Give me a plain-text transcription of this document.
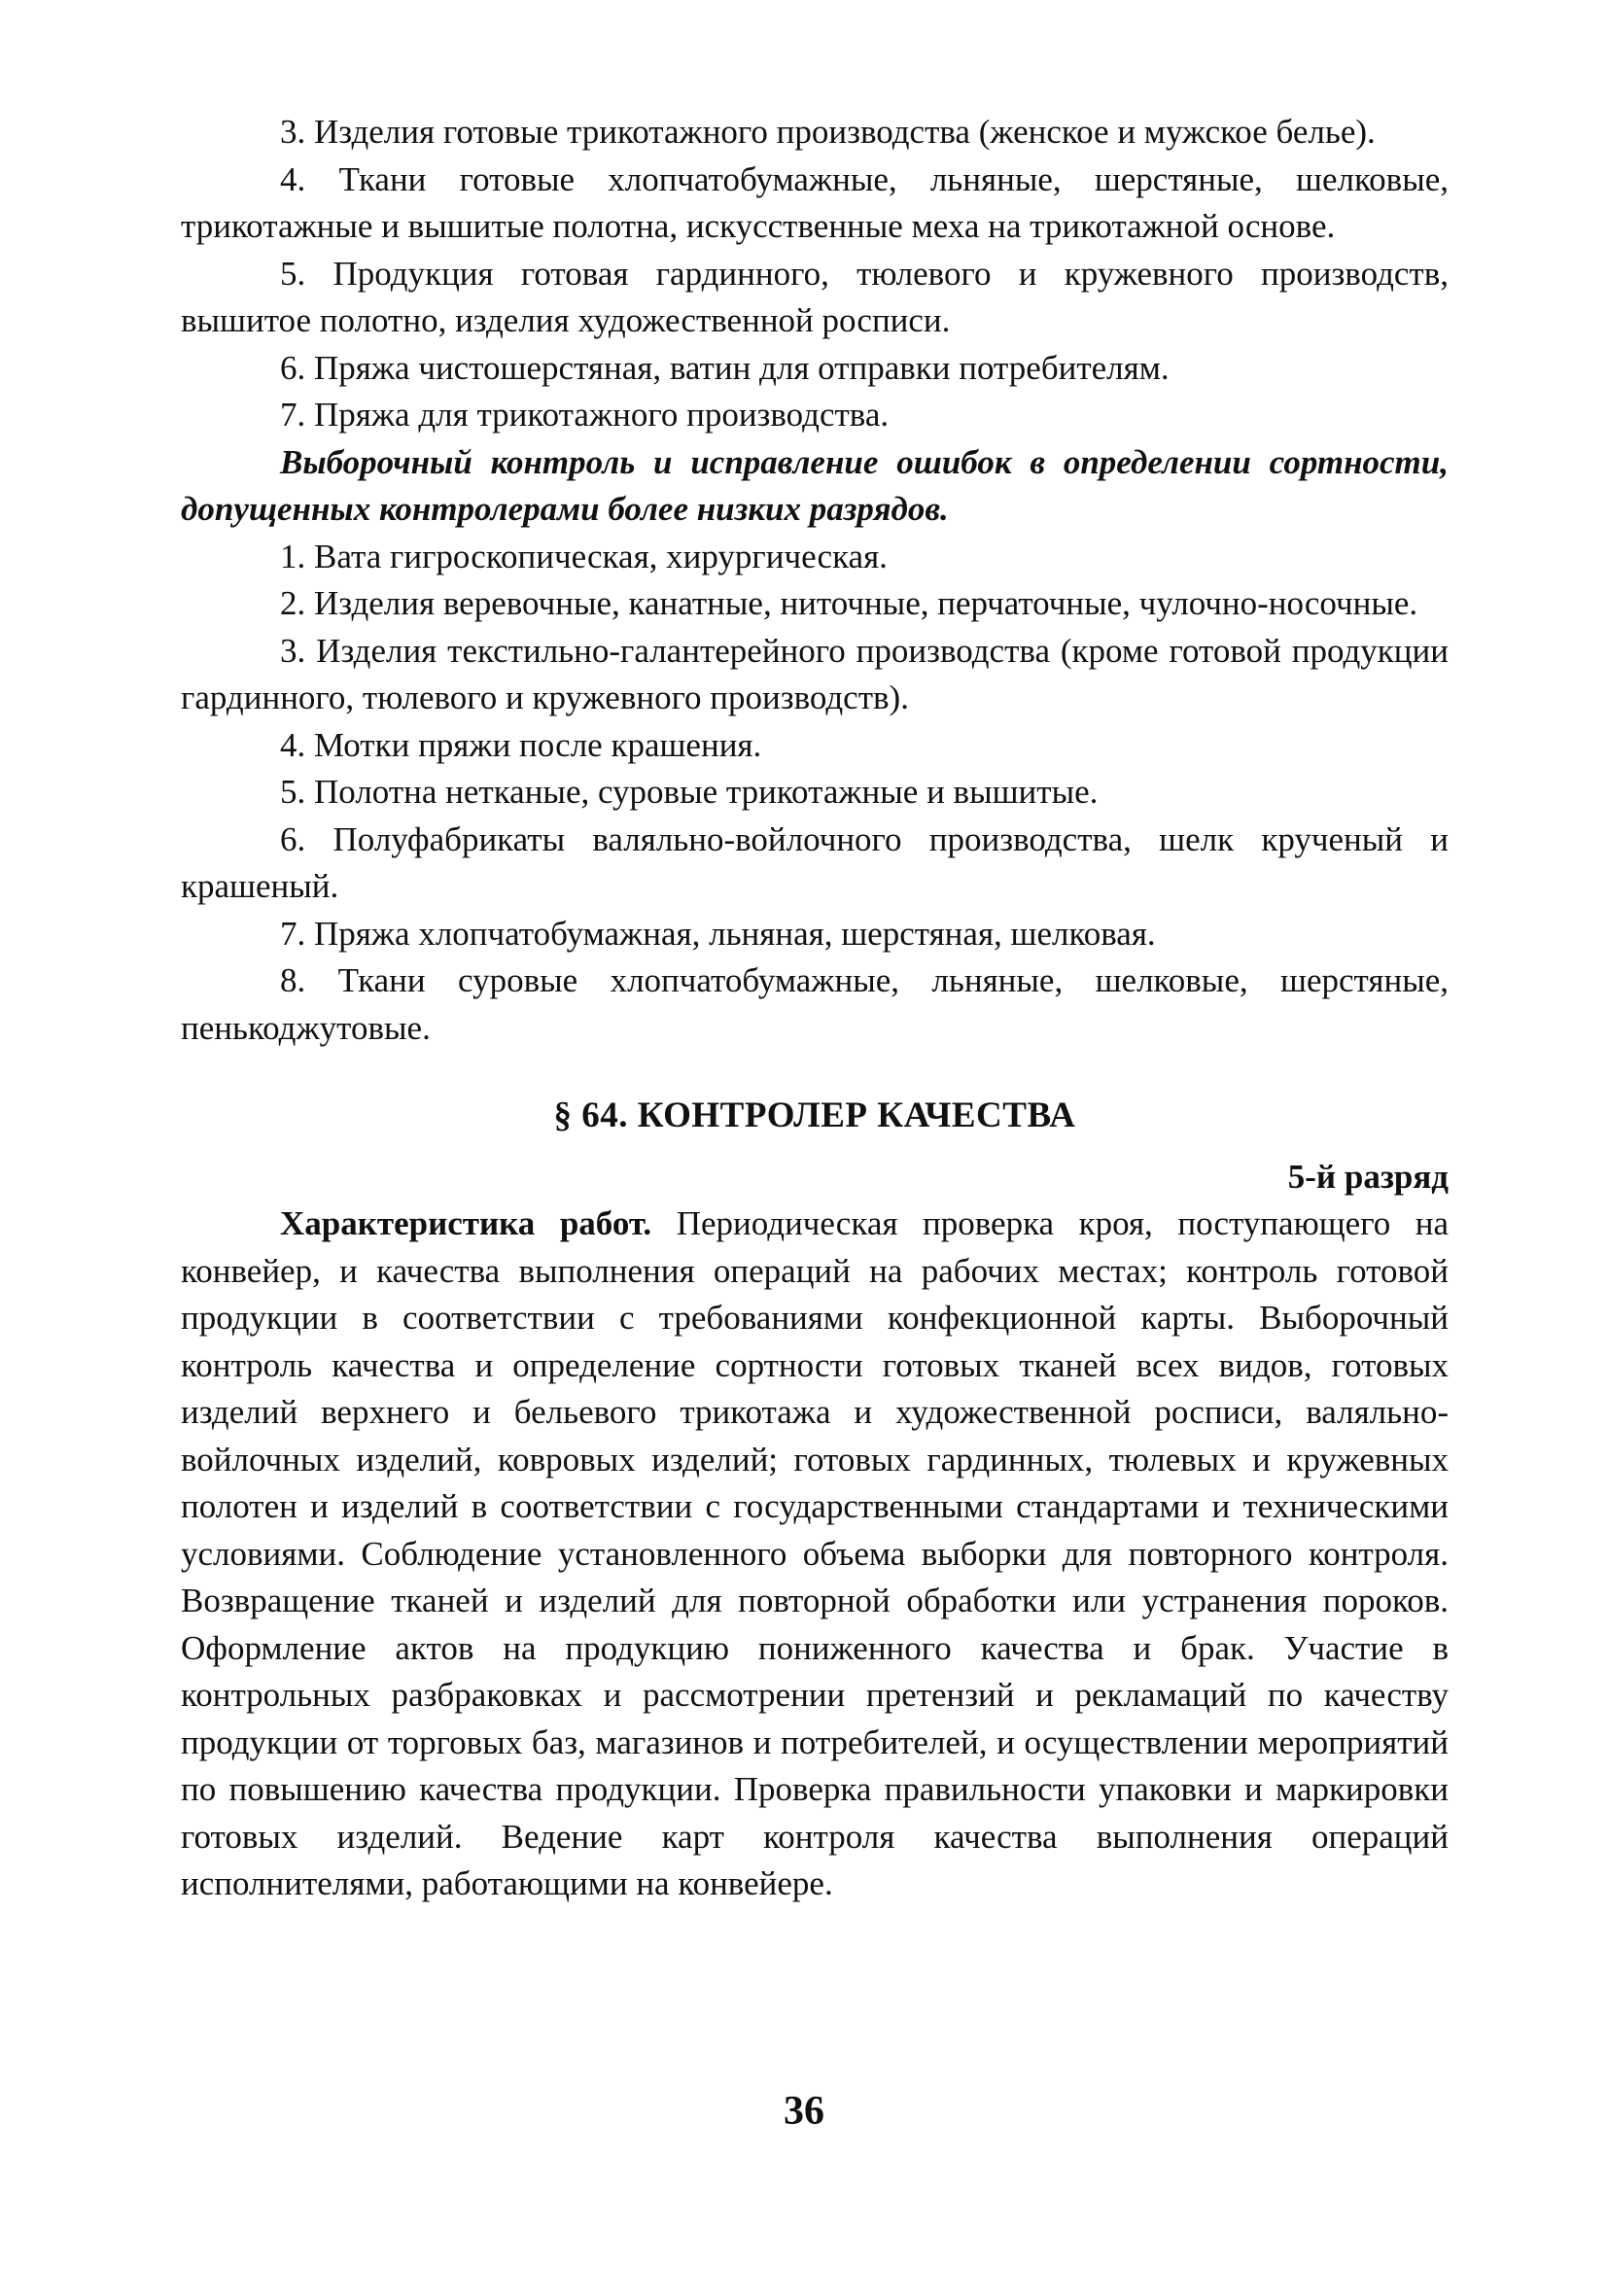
3. Изделия готовые трикотажного производства (женское и мужское белье).

4. Ткани готовые хлопчатобумажные, льняные, шерстяные, шелковые, трикотажные и вышитые полотна, искусственные меха на трикотажной основе.

5. Продукция готовая гардинного, тюлевого и кружевного производств, вышитое полотно, изделия художественной росписи.

6. Пряжа чистошерстяная, ватин для отправки потребителям.

7. Пряжа для трикотажного производства.

Выборочный контроль и исправление ошибок в определении сортности, допущенных контролерами более низких разрядов.

1. Вата гигроскопическая, хирургическая.

2. Изделия веревочные, канатные, ниточные, перчаточные, чулочно-носочные.

3. Изделия текстильно-галантерейного производства (кроме готовой продукции гардинного, тюлевого и кружевного производств).

4. Мотки пряжи после крашения.

5. Полотна нетканые, суровые трикотажные и вышитые.

6. Полуфабрикаты валяльно-войлочного производства, шелк крученый и крашеный.

7. Пряжа хлопчатобумажная, льняная, шерстяная, шелковая.

8. Ткани суровые хлопчатобумажные, льняные, шелковые, шерстяные, пенькоджутовые.

§ 64. КОНТРОЛЕР КАЧЕСТВА

5-й разряд

Характеристика работ. Периодическая проверка кроя, поступающего на конвейер, и качества выполнения операций на рабочих местах; контроль готовой продукции в соответствии с требованиями конфекционной карты. Выборочный контроль качества и определение сортности готовых тканей всех видов, готовых изделий верхнего и бельевого трикотажа и художественной росписи, валяльно-войлочных изделий, ковровых изделий; готовых гардинных, тюлевых и кружевных полотен и изделий в соответствии с государственными стандартами и техническими условиями. Соблюдение установленного объема выборки для повторного контроля. Возвращение тканей и изделий для повторной обработки или устранения пороков. Оформление актов на продукцию пониженного качества и брак. Участие в контрольных разбраковках и рассмотрении претензий и рекламаций по качеству продукции от торговых баз, магазинов и потребителей, и осуществлении мероприятий по повышению качества продукции. Проверка правильности упаковки и маркировки готовых изделий. Ведение карт контроля качества выполнения операций исполнителями, работающими на конвейере.

36
